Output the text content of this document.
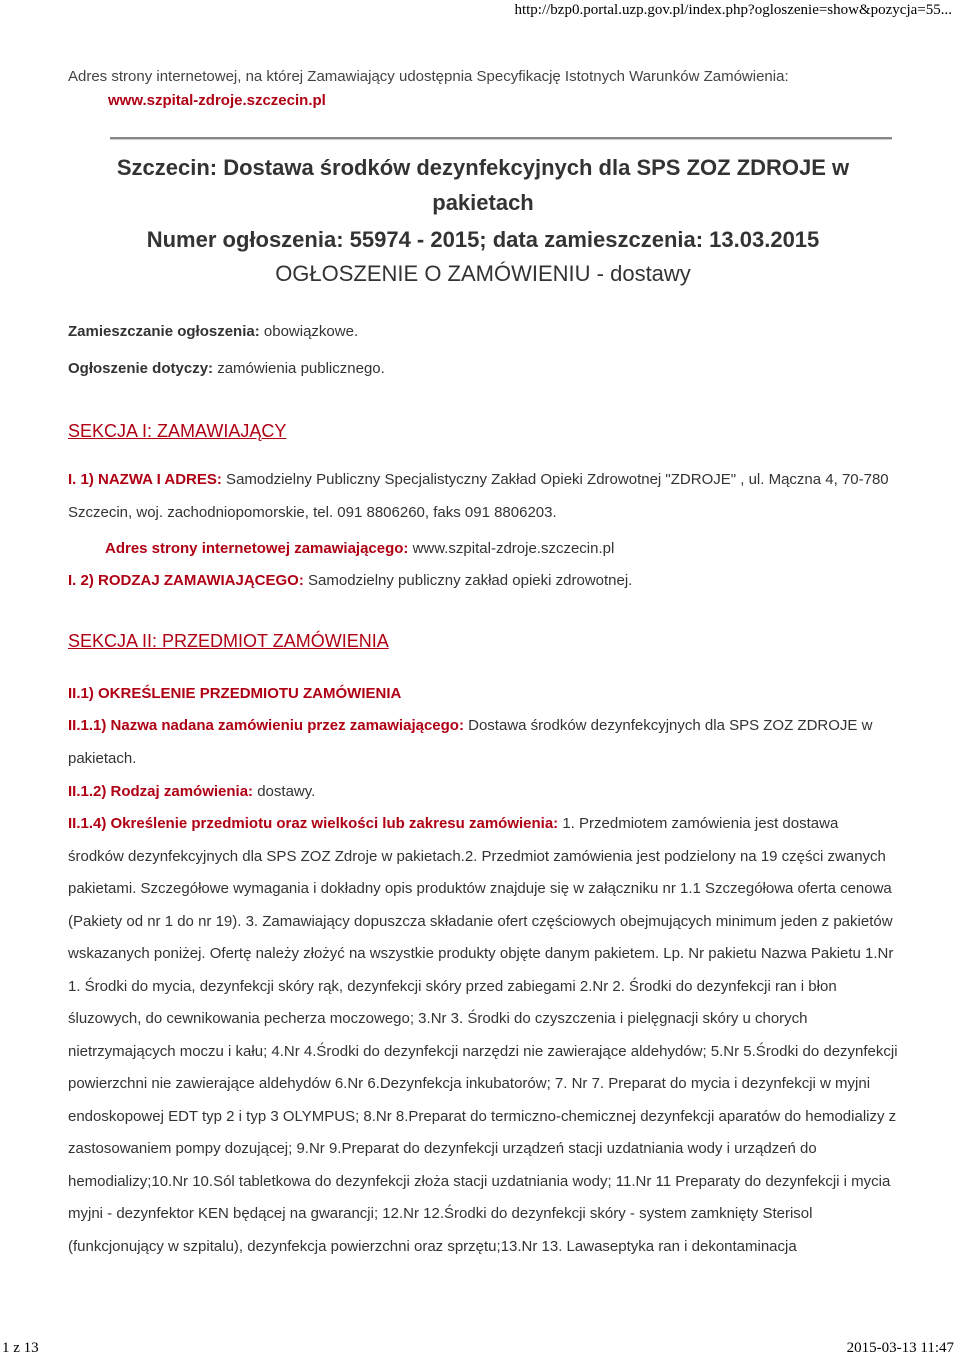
http://bzp0.portal.uzp.gov.pl/index.php?ogloszenie=show&pozycja=55...
Adres strony internetowej, na której Zamawiający udostępnia Specyfikację Istotnych Warunków Zamówienia:
www.szpital-zdroje.szczecin.pl
Szczecin: Dostawa środków dezynfekcyjnych dla SPS ZOZ ZDROJE w pakietach
Numer ogłoszenia: 55974 - 2015; data zamieszczenia: 13.03.2015
OGŁOSZENIE O ZAMÓWIENIU - dostawy
Zamieszczanie ogłoszenia: obowiązkowe.
Ogłoszenie dotyczy: zamówienia publicznego.
SEKCJA I: ZAMAWIAJĄCY
I. 1) NAZWA I ADRES: Samodzielny Publiczny Specjalistyczny Zakład Opieki Zdrowotnej "ZDROJE" , ul. Mączna 4, 70-780 Szczecin, woj. zachodniopomorskie, tel. 091 8806260, faks 091 8806203.
Adres strony internetowej zamawiającego: www.szpital-zdroje.szczecin.pl
I. 2) RODZAJ ZAMAWIAJĄCEGO: Samodzielny publiczny zakład opieki zdrowotnej.
SEKCJA II: PRZEDMIOT ZAMÓWIENIA
II.1) OKREŚLENIE PRZEDMIOTU ZAMÓWIENIA
II.1.1) Nazwa nadana zamówieniu przez zamawiającego: Dostawa środków dezynfekcyjnych dla SPS ZOZ ZDROJE w pakietach.
II.1.2) Rodzaj zamówienia: dostawy.
II.1.4) Określenie przedmiotu oraz wielkości lub zakresu zamówienia: 1. Przedmiotem zamówienia jest dostawa środków dezynfekcyjnych dla SPS ZOZ Zdroje w pakietach.2. Przedmiot zamówienia jest podzielony na 19 części zwanych pakietami. Szczegółowe wymagania i dokładny opis produktów znajduje się w załączniku nr 1.1 Szczegółowa oferta cenowa (Pakiety od nr 1 do nr 19). 3. Zamawiający dopuszcza składanie ofert częściowych obejmujących minimum jeden z pakietów wskazanych poniżej. Ofertę należy złożyć na wszystkie produkty objęte danym pakietem. Lp. Nr pakietu Nazwa Pakietu 1.Nr 1. Środki do mycia, dezynfekcji skóry rąk, dezynfekcji skóry przed zabiegami 2.Nr 2. Środki do dezynfekcji ran i błon śluzowych, do cewnikowania pecherza moczowego; 3.Nr 3. Środki do czyszczenia i pielęgnacji skóry u chorych nietrzymających moczu i kału; 4.Nr 4.Środki do dezynfekcji narzędzi nie zawierające aldehydów; 5.Nr 5.Środki do dezynfekcji powierzchni nie zawierające aldehydów 6.Nr 6.Dezynfekcja inkubatorów; 7. Nr 7. Preparat do mycia i dezynfekcji w myjni endoskopowej EDT typ 2 i typ 3 OLYMPUS; 8.Nr 8.Preparat do termiczno-chemicznej dezynfekcji aparatów do hemodializy z zastosowaniem pompy dozującej; 9.Nr 9.Preparat do dezynfekcji urządzeń stacji uzdatniania wody i urządzeń do hemodializy;10.Nr 10.Sól tabletkowa do dezynfekcji złoża stacji uzdatniania wody; 11.Nr 11 Preparaty do dezynfekcji i mycia myjni - dezynfektor KEN będącej na gwarancji; 12.Nr 12.Środki do dezynfekcji skóry - system zamknięty Sterisol (funkcjonujący w szpitalu), dezynfekcja powierzchni oraz sprzętu;13.Nr 13. Lawaseptyka ran i dekontaminacja
1 z 13	2015-03-13 11:47
